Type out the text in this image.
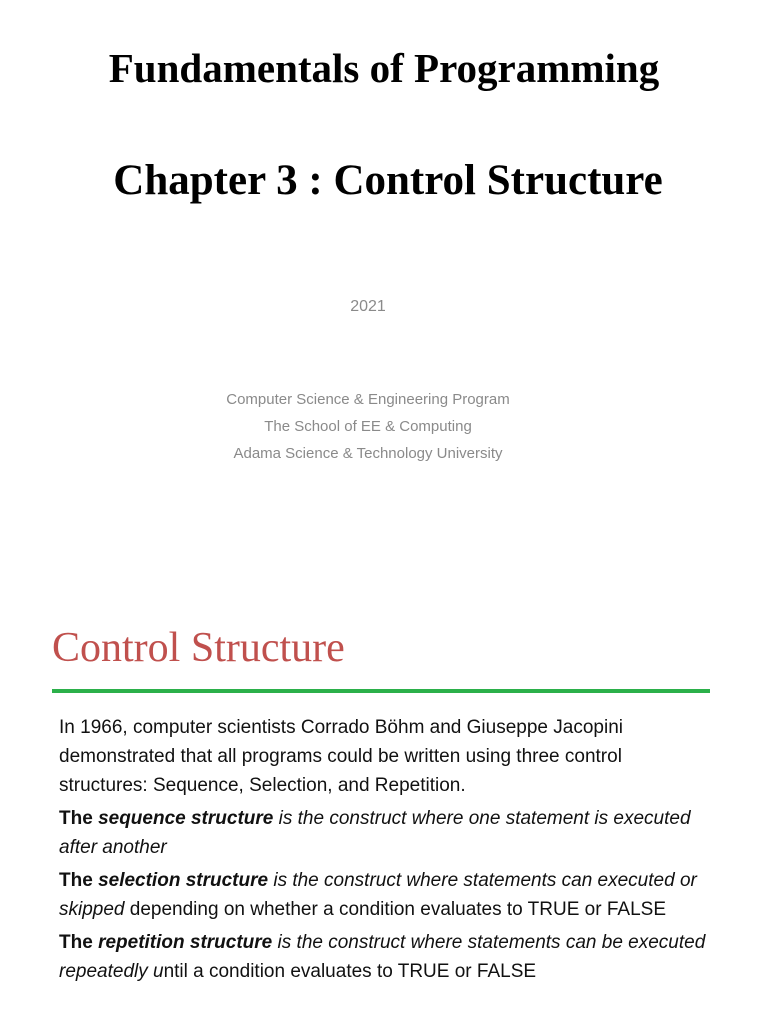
Fundamentals of Programming
Chapter 3 : Control Structure
2021
Computer Science & Engineering Program
The School of EE & Computing
Adama Science & Technology University
Control Structure

In 1966, computer scientists Corrado Böhm and Giuseppe Jacopini demonstrated that all programs could be written using three control structures: Sequence, Selection, and Repetition.

The sequence structure is the construct where one statement is executed after another

The selection structure is the construct where statements can executed or skipped depending on whether a condition evaluates to TRUE or FALSE

The repetition structure is the construct where statements can be executed repeatedly until a condition evaluates to TRUE or FALSE
